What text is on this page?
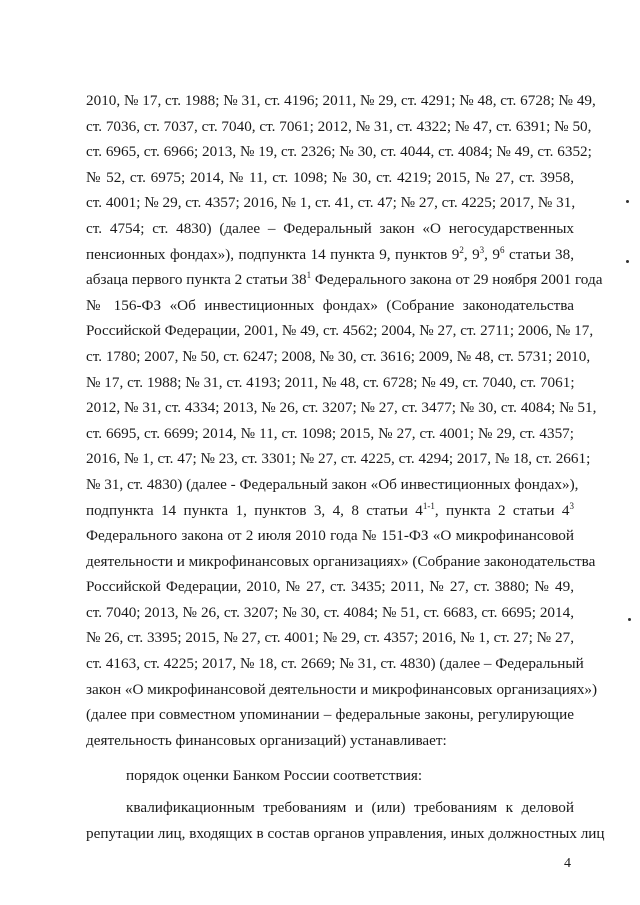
2010, № 17, ст. 1988; № 31, ст. 4196; 2011, № 29, ст. 4291; № 48, ст. 6728; № 49,
ст. 7036, ст. 7037, ст. 7040, ст. 7061; 2012, № 31, ст. 4322; № 47, ст. 6391; № 50,
ст. 6965, ст. 6966; 2013, № 19, ст. 2326; № 30, ст. 4044, ст. 4084; № 49, ст. 6352;
№ 52, ст. 6975; 2014, № 11, ст. 1098; № 30, ст. 4219; 2015, № 27, ст. 3958,
ст. 4001; № 29, ст. 4357; 2016, № 1, ст. 41, ст. 47; № 27, ст. 4225; 2017, № 31,
ст. 4754; ст. 4830) (далее – Федеральный закон «О негосударственных
пенсионных фондах»), подпункта 14 пункта 9, пунктов $9^2$, $9^3$, $9^6$ статьи 38,
абзаца первого пункта 2 статьи $38^1$ Федерального закона от 29 ноября 2001 года
№ 156-ФЗ «Об инвестиционных фондах» (Собрание законодательства
Российской Федерации, 2001, № 49, ст. 4562; 2004, № 27, ст. 2711; 2006, № 17,
ст. 1780; 2007, № 50, ст. 6247; 2008, № 30, ст. 3616; 2009, № 48, ст. 5731; 2010,
№ 17, ст. 1988; № 31, ст. 4193; 2011, № 48, ст. 6728; № 49, ст. 7040, ст. 7061;
2012, № 31, ст. 4334; 2013, № 26, ст. 3207; № 27, ст. 3477; № 30, ст. 4084; № 51,
ст. 6695, ст. 6699; 2014, № 11, ст. 1098; 2015, № 27, ст. 4001; № 29, ст. 4357;
2016, № 1, ст. 47; № 23, ст. 3301; № 27, ст. 4225, ст. 4294; 2017, № 18, ст. 2661;
№ 31, ст. 4830) (далее - Федеральный закон «Об инвестиционных фондах»),
подпункта 14 пункта 1, пунктов 3, 4, 8 статьи 4$^{1-1}$, пункта 2 статьи $4^3$
Федерального закона от 2 июля 2010 года № 151-ФЗ «О микрофинансовой
деятельности и микрофинансовых организациях» (Собрание законодательства
Российской Федерации, 2010, № 27, ст. 3435; 2011, № 27, ст. 3880; № 49,
ст. 7040; 2013, № 26, ст. 3207; № 30, ст. 4084; № 51, ст. 6683, ст. 6695; 2014,
№ 26, ст. 3395; 2015, № 27, ст. 4001; № 29, ст. 4357; 2016, № 1, ст. 27; № 27,
ст. 4163, ст. 4225; 2017, № 18, ст. 2669; № 31, ст. 4830) (далее – Федеральный
закон «О микрофинансовой деятельности и микрофинансовых организациях»)
(далее при совместном упоминании – федеральные законы, регулирующие
деятельность финансовых организаций) устанавливает:
порядок оценки Банком России соответствия:
квалификационным требованиям и (или) требованиям к деловой
репутации лиц, входящих в состав органов управления, иных должностных лиц
4
